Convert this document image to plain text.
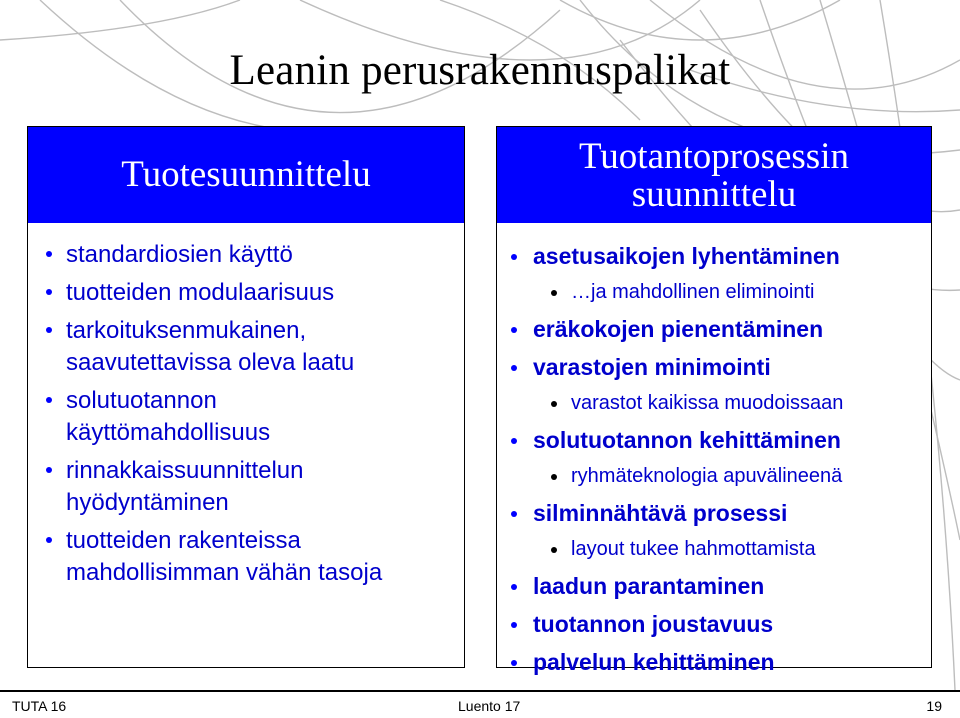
Leanin perusrakennuspalikat
Tuotesuunnittelu
standardiosien käyttö
tuotteiden modulaarisuus
tarkoituksenmukainen, saavutettavissa oleva laatu
solutuotannon käyttömahdollisuus
rinnakkaissuunnittelun hyödyntäminen
tuotteiden rakenteissa mahdollisimman vähän tasoja
Tuotantoprosessin
suunnittelu
asetusaikojen lyhentäminen
…ja mahdollinen eliminointi
eräkokojen pienentäminen
varastojen minimointi
varastot kaikissa muodoissaan
solutuotannon kehittäminen
ryhmäteknologia apuvälineenä
silminnähtävä prosessi
layout tukee hahmottamista
laadun parantaminen
tuotannon joustavuus
palvelun kehittäminen
TUTA 16	Luento 17	19
